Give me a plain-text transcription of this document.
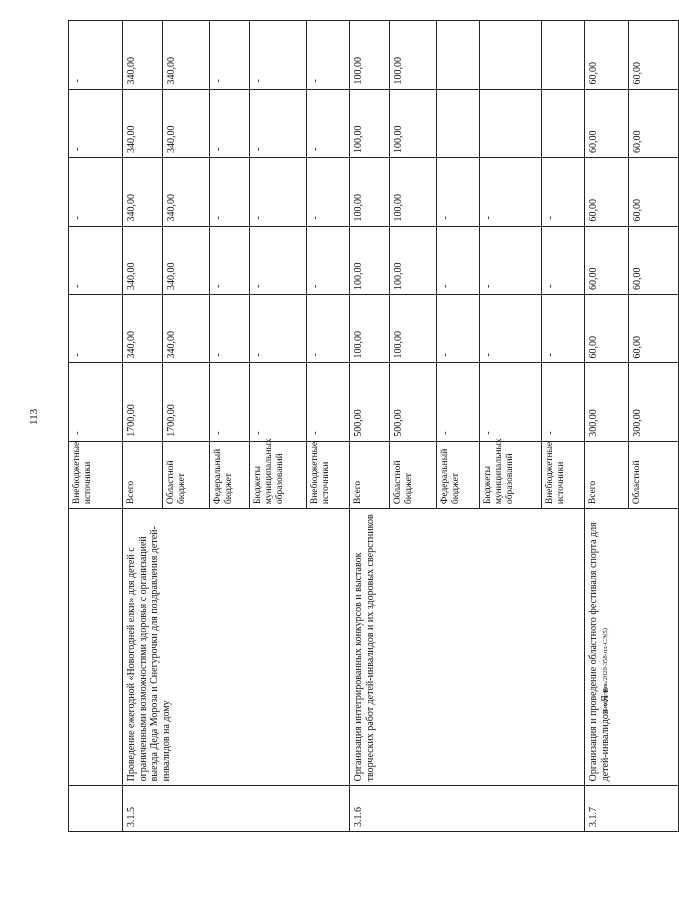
113
		Внебюджетные источники	-	-	-	-	-	-
3.1.5	Проведение ежегодной «Новогодней елки» для детей с ограниченными возможностями здоровья с организацией выезда Деда Мороза и Снегурочки для поздравления детей-инвалидов на дому	Всего	1700,00	340,00	340,00	340,00	340,00	340,00
		Областной бюджет	1700,00	340,00	340,00	340,00	340,00	340,00
		Федеральный бюджет	-	-	-	-	-	-
		Бюджеты муниципальных образований	-	-	-	-	-	-
		Внебюджетные источники	-	-	-	-	-	-
3.1.6	Организация интегрированных конкурсов и выставок творческих работ детей-инвалидов и их здоровых сверстников	Всего	500,00	100,00	100,00	100,00	100,00	100,00
		Областной бюджет	500,00	100,00	100,00	100,00	100,00	100,00
		Федеральный бюджет	-	-	-	-		
		Бюджеты муниципальных образований	-	-	-	-		
		Внебюджетные источники	-	-	-	-		
3.1.7	Организация и проведение областного фестиваля спорта для детей-инвалидов «Я в	Всего	300,00	60,00	60,00	60,00	60,00	60,00
		Областной	300,00	60,00	60,00	60,00	60,00	60,00
Бюллетень/2020-358-пл-СЭ(5)
